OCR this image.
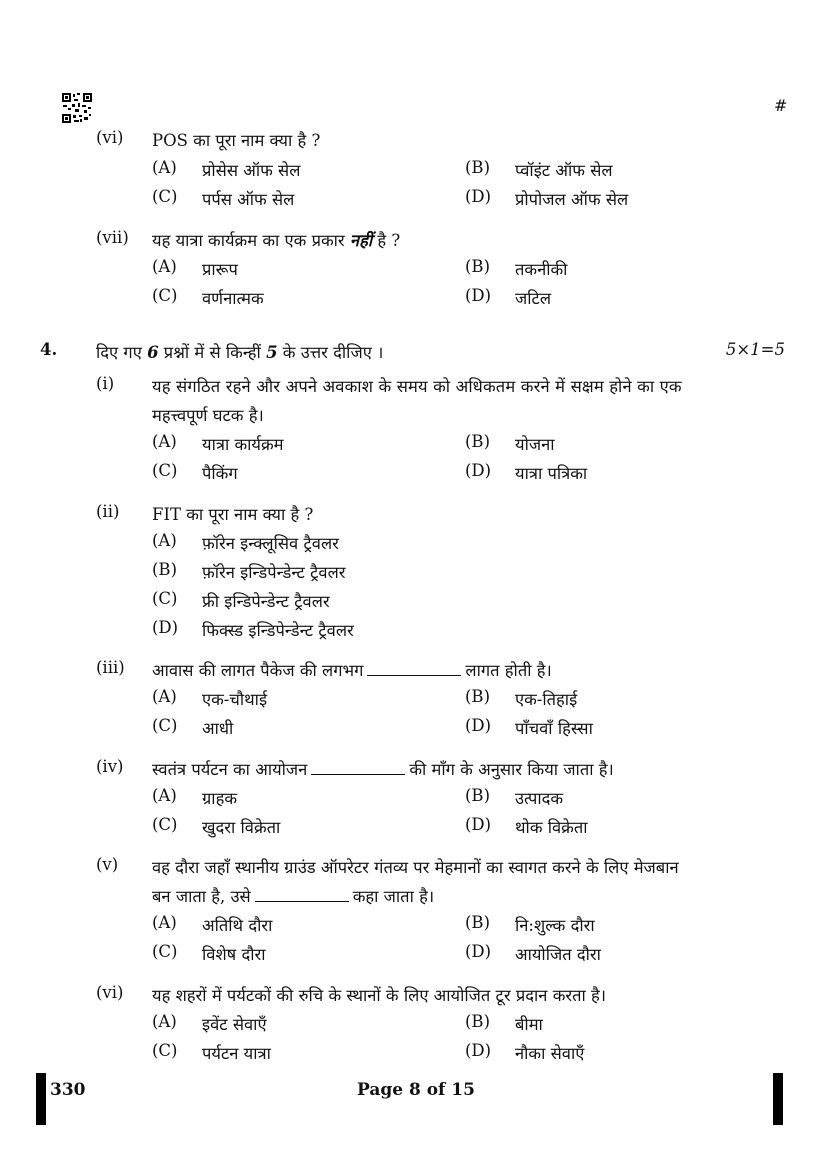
#
(vi) POS का पूरा नाम क्या है ?
(A) प्रोसेस ऑफ सेल	(B) प्वॉइंट ऑफ सेल
(C) पर्पस ऑफ सेल	(D) प्रोपोजल ऑफ सेल
(vii) यह यात्रा कार्यक्रम का एक प्रकार नहीं है ?
(A) प्रारूप	(B) तकनीकी
(C) वर्णनात्मक	(D) जटिल
4. दिए गए 6 प्रश्नों में से किन्हीं 5 के उत्तर दीजिए ।	5×1=5
(i) यह संगठित रहने और अपने अवकाश के समय को अधिकतम करने में सक्षम होने का एक
महत्त्वपूर्ण घटक है।
(A) यात्रा कार्यक्रम	(B) योजना
(C) पैकिंग	(D) यात्रा पत्रिका
(ii) FIT का पूरा नाम क्या है ?
(A) फ़ॉरेन इन्क्लूसिव ट्रैवलर
(B) फ़ॉरेन इन्डिपेन्डेन्ट ट्रैवलर
(C) फ्री इन्डिपेन्डेन्ट ट्रैवलर
(D) फिक्स्ड इन्डिपेन्डेन्ट ट्रैवलर
(iii) आवास की लागत पैकेज की लगभग	लागत होती है।
(A) एक-चौथाई	(B) एक-तिहाई
(C) आधी	(D) पाँचवाँ हिस्सा
(iv) स्वतंत्र पर्यटन का आयोजन	की माँग के अनुसार किया जाता है।
(A) ग्राहक	(B) उत्पादक
(C) खुदरा विक्रेता	(D) थोक विक्रेता
(v) वह दौरा जहाँ स्थानीय ग्राउंड ऑपरेटर गंतव्य पर मेहमानों का स्वागत करने के लिए मेजबान
बन जाता है, उसे	कहा जाता है।
(A) अतिथि दौरा	(B) नि:शुल्क दौरा
(C) विशेष दौरा	(D) आयोजित दौरा
(vi) यह शहरों में पर्यटकों की रुचि के स्थानों के लिए आयोजित टूर प्रदान करता है।
(A) इवेंट सेवाएँ	(B) बीमा
(C) पर्यटन यात्रा	(D) नौका सेवाएँ
330	Page 8 of 15
